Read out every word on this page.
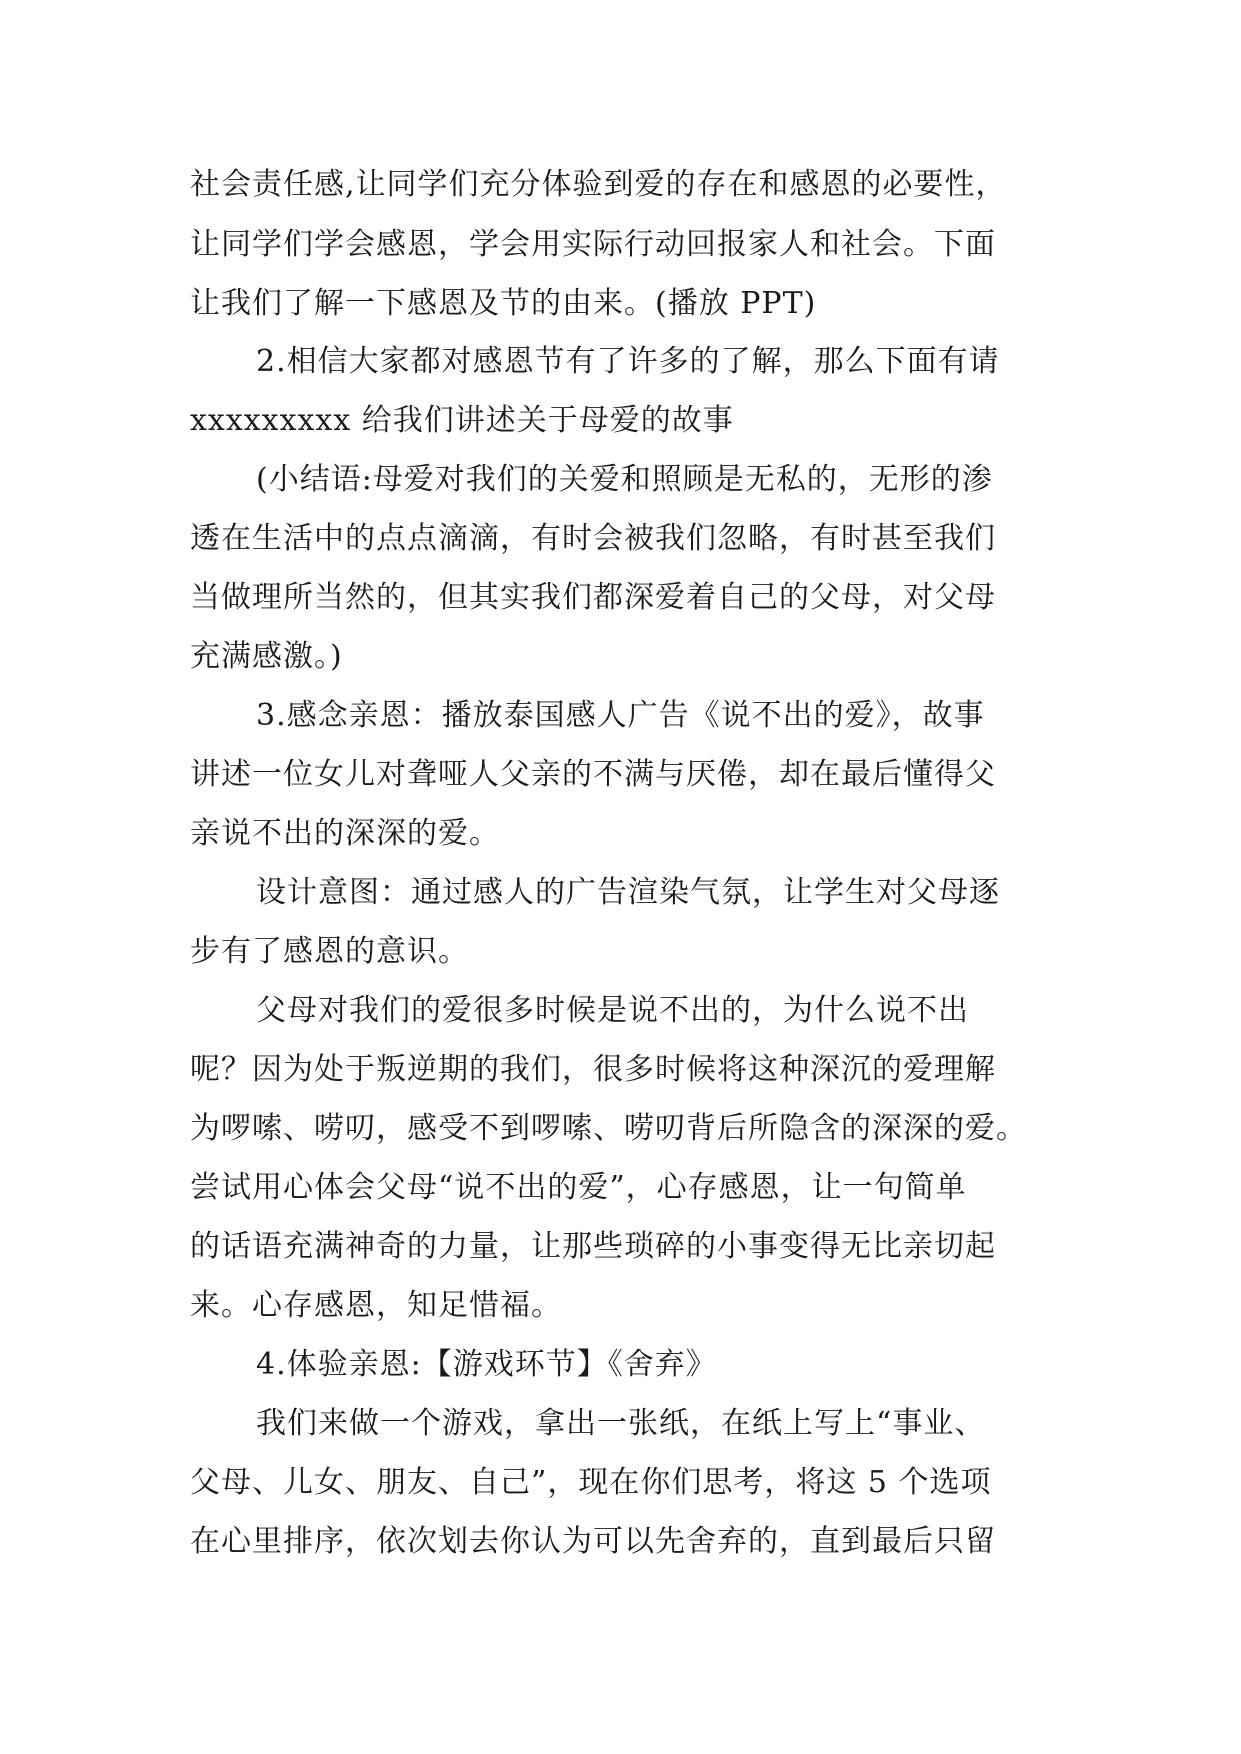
社会责任感,让同学们充分体验到爱的存在和感恩的必要性，
让同学们学会感恩，学会用实际行动回报家人和社会。下面
让我们了解一下感恩及节的由来。(播放 PPT)
2.相信大家都对感恩节有了许多的了解，那么下面有请
xxxxxxxxx 给我们讲述关于母爱的故事
(小结语:母爱对我们的关爱和照顾是无私的，无形的渗
透在生活中的点点滴滴，有时会被我们忽略，有时甚至我们
当做理所当然的，但其实我们都深爱着自己的父母，对父母
充满感激。)
3.感念亲恩：播放泰国感人广告《说不出的爱》，故事
讲述一位女儿对聋哑人父亲的不满与厌倦，却在最后懂得父
亲说不出的深深的爱。
设计意图：通过感人的广告渲染气氛，让学生对父母逐
步有了感恩的意识。
父母对我们的爱很多时候是说不出的，为什么说不出
呢？因为处于叛逆期的我们，很多时候将这种深沉的爱理解
为啰嗦、唠叨，感受不到啰嗦、唠叨背后所隐含的深深的爱。
尝试用心体会父母“说不出的爱”，心存感恩，让一句简单
的话语充满神奇的力量，让那些琐碎的小事变得无比亲切起
来。心存感恩，知足惜福。
4.体验亲恩:【游戏环节】《舍弃》
我们来做一个游戏，拿出一张纸，在纸上写上“事业、
父母、儿女、朋友、自己”，现在你们思考，将这 5 个选项
在心里排序，依次划去你认为可以先舍弃的，直到最后只留
